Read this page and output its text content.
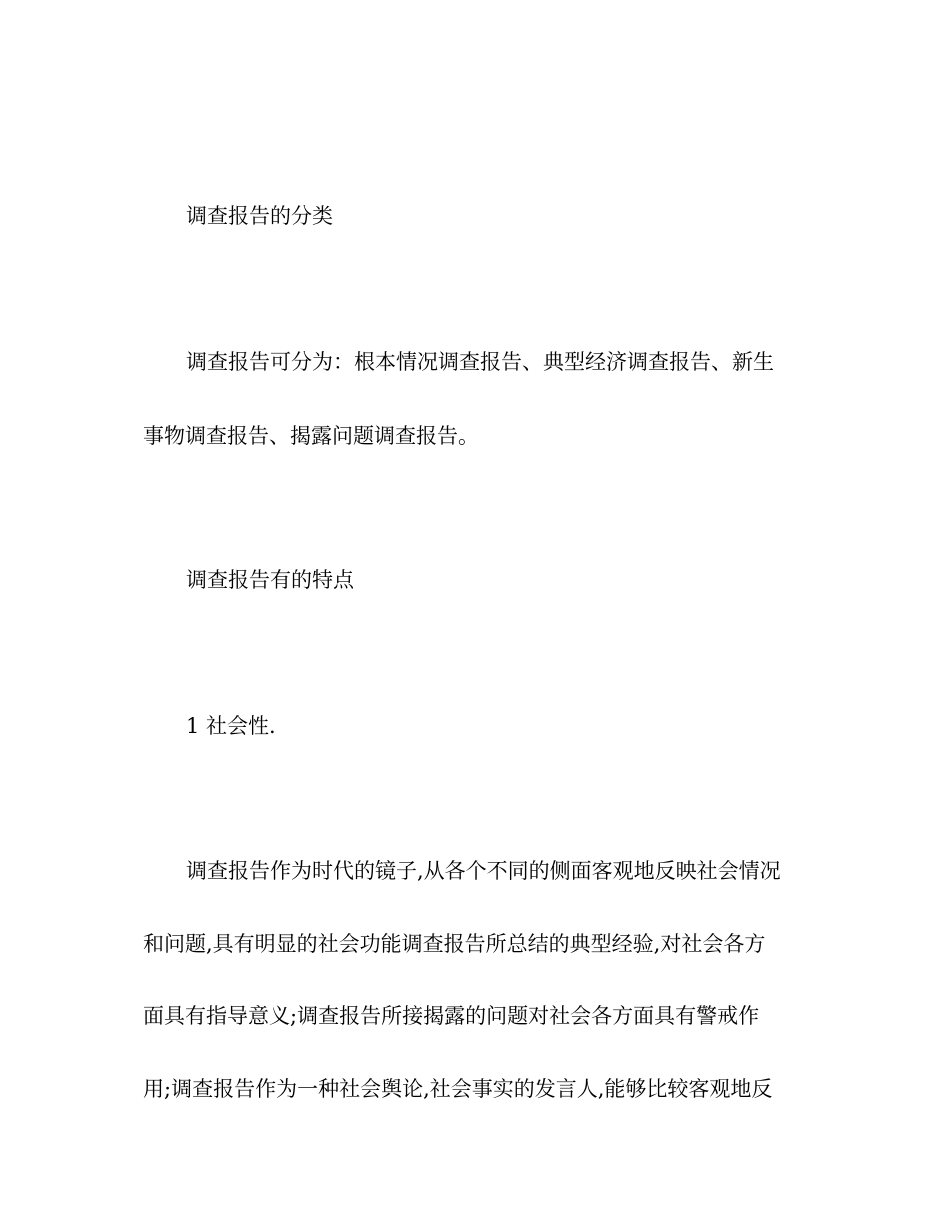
调查报告的分类
调查报告可分为：根本情况调查报告、典型经济调查报告、新生
事物调查报告、揭露问题调查报告。
调查报告有的特点
1 社会性.
调查报告作为时代的镜子,从各个不同的侧面客观地反映社会情况
和问题,具有明显的社会功能调查报告所总结的典型经验,对社会各方
面具有指导意义;调查报告所接揭露的问题对社会各方面具有警戒作
用;调查报告作为一种社会舆论,社会事实的发言人,能够比较客观地反
